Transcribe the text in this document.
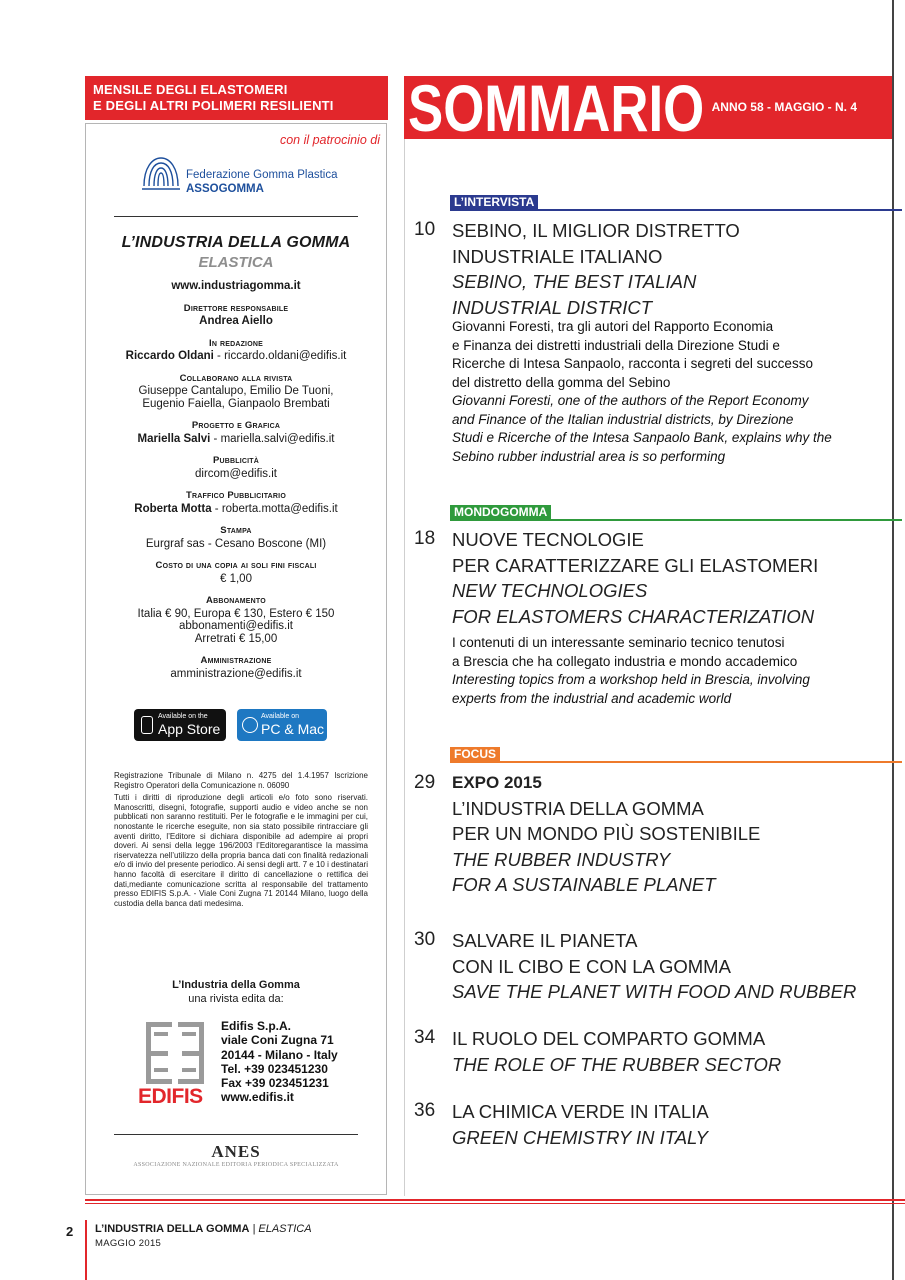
MENSILE DEGLI ELASTOMERI
E DEGLI ALTRI POLIMERI RESILIENTI
con il patrocinio di
Federazione Gomma Plastica
ASSOGOMMA
L’INDUSTRIA DELLA GOMMA
ELASTICA
www.industriagomma.it
Direttore responsabile
Andrea Aiello
In redazione
Riccardo Oldani - riccardo.oldani@edifis.it
Collaborano alla rivista
Giuseppe Cantalupo, Emilio De Tuoni,
Eugenio Faiella, Gianpaolo Brembati
Progetto e Grafica
Mariella Salvi - mariella.salvi@edifis.it
Pubblicità
dircom@edifis.it
Traffico Pubblicitario
Roberta Motta - roberta.motta@edifis.it
Stampa
Eurgraf sas - Cesano Boscone (MI)
Costo di una copia ai soli fini fiscali
€ 1,00
Abbonamento
Italia € 90, Europa € 130, Estero € 150
abbonamenti@edifis.it
Arretrati € 15,00
Amministrazione
amministrazione@edifis.it
Available on the
App Store
Available on
PC & Mac

Registrazione Tribunale di Milano n. 4275 del 1.4.1957 Iscrizione Registro Operatori della Comunicazione n. 06090

Tutti i diritti di riproduzione degli articoli e/o foto sono riservati. Manoscritti, disegni, fotografie, supporti audio e video anche se non pubblicati non saranno restituiti. Per le fotografie e le immagini per cui, nonostante le ricerche eseguite, non sia stato possibile rintracciare gli aventi diritto, l’Editore si dichiara disponibile ad adempire ai propri doveri. Ai sensi della legge 196/2003 l’Editoregarantisce la massima riservatezza nell’utilizzo della propria banca dati con finalità redazionali e/o di invio del presente periodico. Ai sensi degli artt. 7 e 10 i destinatari hanno facoltà di esercitare il diritto di cancellazione o rettifica dei dati,mediante comunicazione scritta al responsabile del trattamento presso EDIFIS S.p.A. - Viale Coni Zugna 71 20144 Milano, luogo della custodia della banca dati medesima.

L’Industria della Gomma
una rivista edita da:
EDIFIS
Edifis S.p.A.
viale Coni Zugna 71
20144 - Milano - Italy
Tel. +39 023451230
Fax +39 023451231
www.edifis.it
ANES
ASSOCIAZIONE NAZIONALE EDITORIA PERIODICA SPECIALIZZATA
SOMMARIO ANNO 58 - MAGGIO - N. 4
L’INTERVISTA
10 SEBINO, IL MIGLIOR DISTRETTO
INDUSTRIALE ITALIANO
SEBINO, THE BEST ITALIAN
INDUSTRIAL DISTRICT
Giovanni Foresti, tra gli autori del Rapporto Economia
e Finanza dei distretti industriali della Direzione Studi e
Ricerche di Intesa Sanpaolo, racconta i segreti del successo
del distretto della gomma del Sebino
Giovanni Foresti, one of the authors of the Report Economy
and Finance of the Italian industrial districts, by Direzione
Studi e Ricerche of the Intesa Sanpaolo Bank, explains why the
Sebino rubber industrial area is so performing
MONDOGOMMA
18 NUOVE TECNOLOGIE
PER CARATTERIZZARE GLI ELASTOMERI
NEW TECHNOLOGIES
FOR ELASTOMERS CHARACTERIZATION
I contenuti di un interessante seminario tecnico tenutosi
a Brescia che ha collegato industria e mondo accademico
Interesting topics from a workshop held in Brescia, involving
experts from the industrial and academic world
FOCUS
29 EXPO 2015
L’INDUSTRIA DELLA GOMMA
PER UN MONDO PIÙ SOSTENIBILE
THE RUBBER INDUSTRY
FOR A SUSTAINABLE PLANET
30 SALVARE IL PIANETA
CON IL CIBO E CON LA GOMMA
SAVE THE PLANET WITH FOOD AND RUBBER
34 IL RUOLO DEL COMPARTO GOMMA
THE ROLE OF THE RUBBER SECTOR
36 LA CHIMICA VERDE IN ITALIA
GREEN CHEMISTRY IN ITALY
2 L’INDUSTRIA DELLA GOMMA | ELASTICA
MAGGIO 2015
